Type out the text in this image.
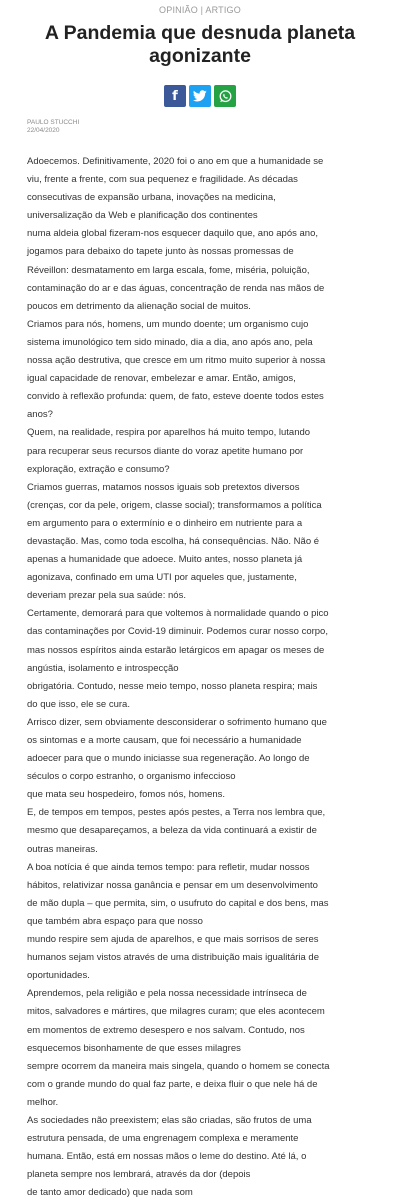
OPINIÃO | ARTIGO
A Pandemia que desnuda planeta
agonizante
f
PAULO STUCCHI
22/04/2020
Adoecemos. Definitivamente, 2020 foi o ano em que a humanidade se
viu, frente a frente, com sua pequenez e fragilidade. As décadas
consecutivas de expansão urbana, inovações na medicina,
universalização da Web e planificação dos continentes
numa aldeia global fizeram-nos esquecer daquilo que, ano após ano,
jogamos para debaixo do tapete junto às nossas promessas de
Réveillon: desmatamento em larga escala, fome, miséria, poluição,
contaminação do ar e das águas, concentração de renda nas mãos de
poucos em detrimento da alienação social de muitos.
Criamos para nós, homens, um mundo doente; um organismo cujo
sistema imunológico tem sido minado, dia a dia, ano após ano, pela
nossa ação destrutiva, que cresce em um ritmo muito superior à nossa
igual capacidade de renovar, embelezar e amar. Então, amigos,
convido à reflexão profunda: quem, de fato, esteve doente todos estes
anos?
Quem, na realidade, respira por aparelhos há muito tempo, lutando
para recuperar seus recursos diante do voraz apetite humano por
exploração, extração e consumo?
Criamos guerras, matamos nossos iguais sob pretextos diversos
(crenças, cor da pele, origem, classe social); transformamos a política
em argumento para o extermínio e o dinheiro em nutriente para a
devastação. Mas, como toda escolha, há consequências. Não. Não é
apenas a humanidade que adoece. Muito antes, nosso planeta já
agonizava, confinado em uma UTI por aqueles que, justamente,
deveriam prezar pela sua saúde: nós.
Certamente, demorará para que voltemos à normalidade quando o pico
das contaminações por Covid-19 diminuir. Podemos curar nosso corpo,
mas nossos espíritos ainda estarão letárgicos em apagar os meses de
angústia, isolamento e introspecção
obrigatória. Contudo, nesse meio tempo, nosso planeta respira; mais
do que isso, ele se cura.
Arrisco dizer, sem obviamente desconsiderar o sofrimento humano que
os sintomas e a morte causam, que foi necessário a humanidade
adoecer para que o mundo iniciasse sua regeneração. Ao longo de
séculos o corpo estranho, o organismo infeccioso
que mata seu hospedeiro, fomos nós, homens.
E, de tempos em tempos, pestes após pestes, a Terra nos lembra que,
mesmo que desapareçamos, a beleza da vida continuará a existir de
outras maneiras.
A boa notícia é que ainda temos tempo: para refletir, mudar nossos
hábitos, relativizar nossa ganância e pensar em um desenvolvimento
de mão dupla – que permita, sim, o usufruto do capital e dos bens, mas
que também abra espaço para que nosso
mundo respire sem ajuda de aparelhos, e que mais sorrisos de seres
humanos sejam vistos através de uma distribuição mais igualitária de
oportunidades.
Aprendemos, pela religião e pela nossa necessidade intrínseca de
mitos, salvadores e mártires, que milagres curam; que eles acontecem
em momentos de extremo desespero e nos salvam. Contudo, nos
esquecemos bisonhamente de que esses milagres
sempre ocorrem da maneira mais singela, quando o homem se conecta
com o grande mundo do qual faz parte, e deixa fluir o que nele há de
melhor.
As sociedades não preexistem; elas são criadas, são frutos de uma
estrutura pensada, de uma engrenagem complexa e meramente
humana. Então, está em nossas mãos o leme do destino. Até lá, o
planeta sempre nos lembrará, através da dor (depois
de tanto amor dedicado) que nada som
